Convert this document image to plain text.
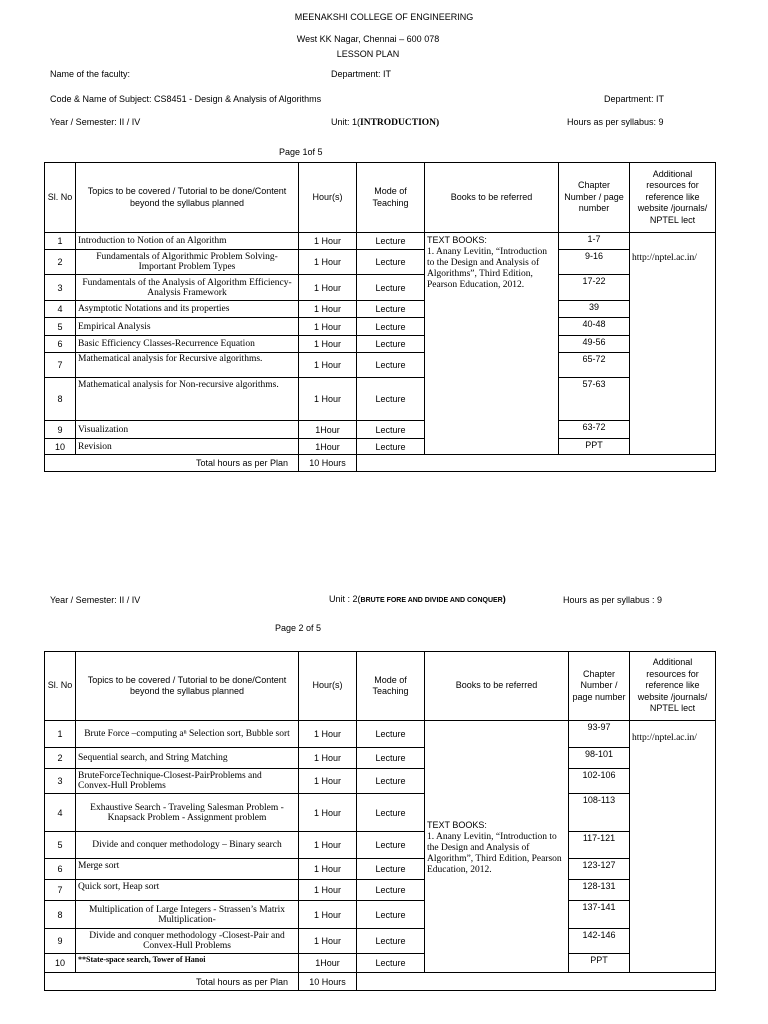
MEENAKSHI COLLEGE OF ENGINEERING
West KK Nagar, Chennai – 600 078
LESSON PLAN
Name of the faculty:	Department: IT
Code & Name of Subject: CS8451 - Design & Analysis of Algorithms	Department: IT
Year / Semester: II / IV	Unit: 1(INTRODUCTION)	Hours as per syllabus: 9
Page 1of 5
Sl. No	Topics to be covered / Tutorial to be done/Content beyond the syllabus planned	Hour(s)	Mode of Teaching	Books to be referred	Chapter Number / page number	Additional resources for reference like website /journals/ NPTEL lect
1	Introduction to Notion of an Algorithm	1 Hour	Lecture	TEXT BOOKS:
1. Anany Levitin, “Introduction to the Design and Analysis of Algorithms”, Third Edition, Pearson Education, 2012.	1-7	http://nptel.ac.in/

2	Fundamentals of Algorithmic Problem Solving- Important Problem Types	1 Hour	Lecture		9-16	
3	Fundamentals of the Analysis of Algorithm Efficiency- Analysis Framework	1 Hour	Lecture		17-22	
4	Asymptotic Notations and its properties	1 Hour	Lecture		39	
5	Empirical Analysis	1 Hour	Lecture		40-48	
6	Basic Efficiency Classes-Recurrence Equation	1 Hour	Lecture		49-56	
7	Mathematical analysis for Recursive algorithms.	1 Hour	Lecture		65-72	
8	Mathematical analysis for Non-recursive algorithms.	1 Hour	Lecture		57-63	
9	Visualization	1Hour	Lecture		63-72	
10	Revision	1Hour	Lecture		PPT	
Total hours as per Plan		10 Hours				
Year / Semester: II / IV	Unit : 2(BRUTE FORE AND DIVIDE AND CONQUER)	Hours as per syllabus : 9
Page 2 of 5
Sl. No	Topics to be covered / Tutorial to be done/Content beyond the syllabus planned	Hour(s)	Mode of Teaching	Books to be referred	Chapter Number / page number	Additional resources for reference like website /journals/ NPTEL lect
1	Brute Force –computing aⁿ Selection sort, Bubble sort	1 Hour	Lecture	TEXT BOOKS:
1. Anany Levitin, “Introduction to the Design and Analysis of Algorithm”, Third Edition, Pearson Education, 2012.	93-97	http://nptel.ac.in/

2	Sequential search, and String Matching	1 Hour	Lecture		98-101	
3	BruteForceTechnique-Closest-PairProblems and Convex-Hull Problems	1 Hour	Lecture		102-106	
4	Exhaustive Search - Traveling Salesman Problem - Knapsack Problem - Assignment problem	1 Hour	Lecture		108-113	
5	Divide and conquer methodology – Binary search	1 Hour	Lecture		117-121	
6	Merge sort	1 Hour	Lecture		123-127	
7	Quick sort, Heap sort	1 Hour	Lecture		128-131	
8	Multiplication of Large Integers - Strassen’s Matrix Multiplication-	1 Hour	Lecture		137-141	
9	Divide and conquer methodology -Closest-Pair and Convex-Hull Problems	1 Hour	Lecture		142-146	
10	**State-space search, Tower of Hanoi	1Hour	Lecture		PPT	
Total hours as per Plan		10 Hours				
